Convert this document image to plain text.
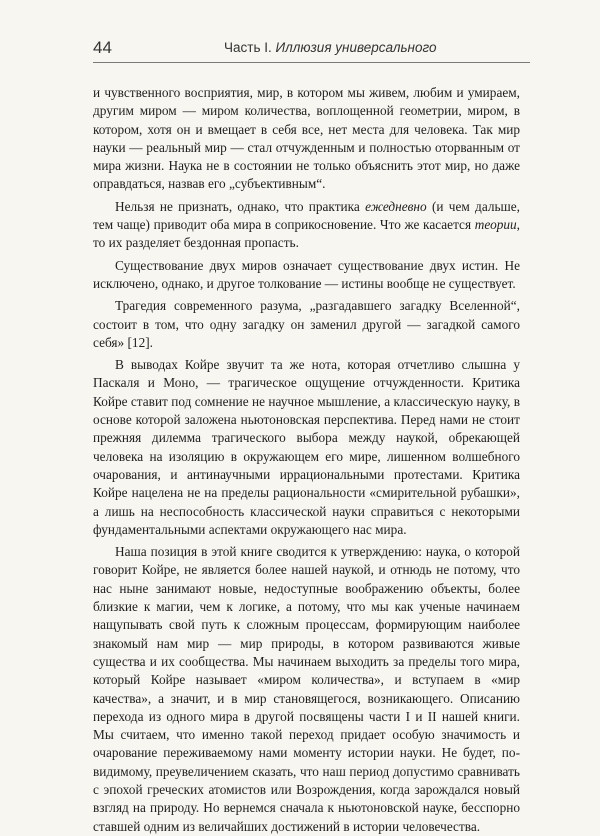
44	Часть I. Иллюзия универсального

и чувственного восприятия, мир, в котором мы живем, любим и умираем, другим миром — миром количества, воплощенной геометрии, миром, в котором, хотя он и вмещает в себя все, нет места для человека. Так мир науки — реальный мир — стал отчужденным и полностью оторванным от мира жизни. Наука не в состоянии не только объяснить этот мир, но даже оправдаться, назвав его „субъективным“.

Нельзя не признать, однако, что практика ежедневно (и чем дальше, тем чаще) приводит оба мира в соприкосновение. Что же касается теории, то их разделяет бездонная пропасть.

Существование двух миров означает существование двух истин. Не исключено, однако, и другое толкование — истины вообще не существует.

Трагедия современного разума, „разгадавшего загадку Вселенной“, состоит в том, что одну загадку он заменил другой — загадкой самого себя» [12].

В выводах Койре звучит та же нота, которая отчетливо слышна у Паскаля и Моно, — трагическое ощущение отчужденности. Критика Койре ставит под сомнение не научное мышление, а классическую науку, в основе которой заложена ньютоновская перспектива. Перед нами не стоит прежняя дилемма трагического выбора между наукой, обрекающей человека на изоляцию в окружающем его мире, лишенном волшебного очарования, и антинаучными иррациональными протестами. Критика Койре нацелена не на пределы рациональности «смирительной рубашки», а лишь на неспособность классической науки справиться с некоторыми фундаментальными аспектами окружающего нас мира.

Наша позиция в этой книге сводится к утверждению: наука, о которой говорит Койре, не является более нашей наукой, и отнюдь не потому, что нас ныне занимают новые, недоступные воображению объекты, более близкие к магии, чем к логике, а потому, что мы как ученые начинаем нащупывать свой путь к сложным процессам, формирующим наиболее знакомый нам мир — мир природы, в котором развиваются живые существа и их сообщества. Мы начинаем выходить за пределы того мира, который Койре называет «миром количества», и вступаем в «мир качества», а значит, и в мир становящегося, возникающего. Описанию перехода из одного мира в другой посвящены части I и II нашей книги. Мы считаем, что именно такой переход придает особую значимость и очарование переживаемому нами моменту истории науки. Не будет, по-видимому, преувеличением сказать, что наш период допустимо сравнивать с эпохой греческих атомистов или Возрождения, когда зарождался новый взгляд на природу. Но вернемся сначала к ньютоновской науке, бесспорно ставшей одним из величайших достижений в истории человечества.
